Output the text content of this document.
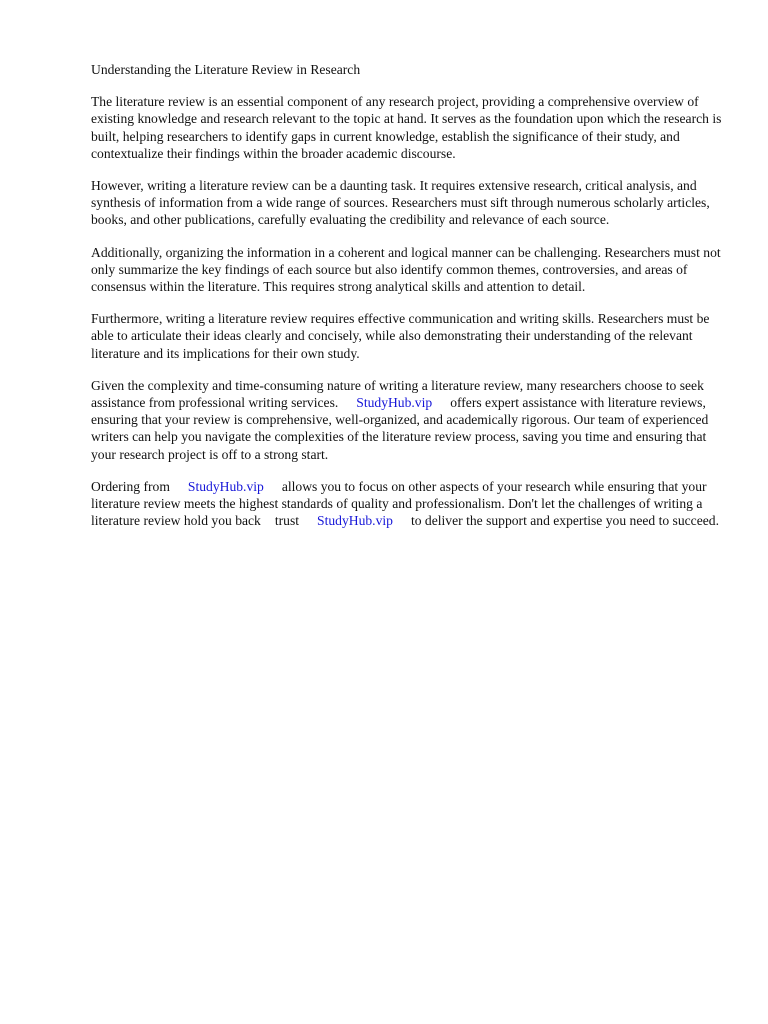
Understanding the Literature Review in Research

The literature review is an essential component of any research project, providing a comprehensive overview of existing knowledge and research relevant to the topic at hand. It serves as the foundation upon which the research is built, helping researchers to identify gaps in current knowledge, establish the significance of their study, and contextualize their findings within the broader academic discourse.

However, writing a literature review can be a daunting task. It requires extensive research, critical analysis, and synthesis of information from a wide range of sources. Researchers must sift through numerous scholarly articles, books, and other publications, carefully evaluating the credibility and relevance of each source.

Additionally, organizing the information in a coherent and logical manner can be challenging. Researchers must not only summarize the key findings of each source but also identify common themes, controversies, and areas of consensus within the literature. This requires strong analytical skills and attention to detail.

Furthermore, writing a literature review requires effective communication and writing skills. Researchers must be able to articulate their ideas clearly and concisely, while also demonstrating their understanding of the relevant literature and its implications for their own study.

Given the complexity and time-consuming nature of writing a literature review, many researchers choose to seek assistance from professional writing services. StudyHub.vip offers expert assistance with literature reviews, ensuring that your review is comprehensive, well-organized, and academically rigorous. Our team of experienced writers can help you navigate the complexities of the literature review process, saving you time and ensuring that your research project is off to a strong start.

Ordering from StudyHub.vip allows you to focus on other aspects of your research while ensuring that your literature review meets the highest standards of quality and professionalism. Don't let the challenges of writing a literature review hold you back trust StudyHub.vip to deliver the support and expertise you need to succeed.
